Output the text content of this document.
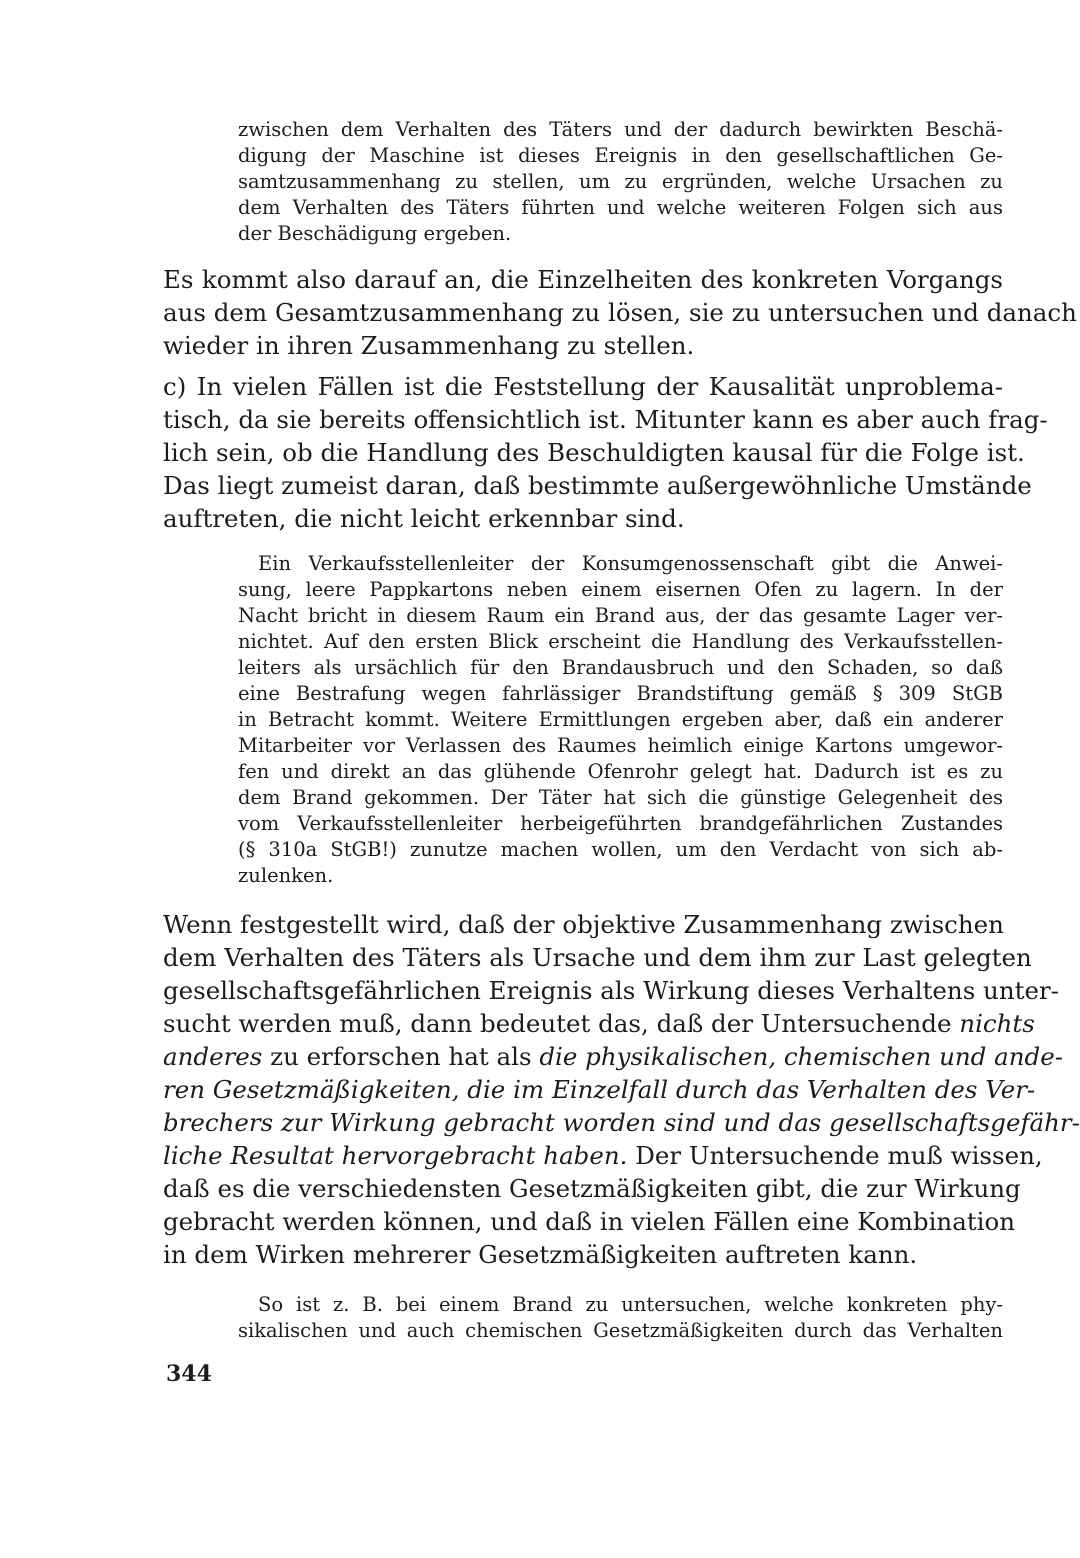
zwischen dem Verhalten des Täters und der dadurch bewirkten Beschä-
digung der Maschine ist dieses Ereignis in den gesellschaftlichen Ge-
samtzusammenhang zu stellen, um zu ergründen, welche Ursachen zu
dem Verhalten des Täters führten und welche weiteren Folgen sich aus
der Beschädigung ergeben.
Es kommt also darauf an, die Einzelheiten des konkreten Vorgangs
aus dem Gesamtzusammenhang zu lösen, sie zu untersuchen und danach
wieder in ihren Zusammenhang zu stellen.
c) In vielen Fällen ist die Feststellung der Kausalität unproblema-
tisch, da sie bereits offensichtlich ist. Mitunter kann es aber auch frag-
lich sein, ob die Handlung des Beschuldigten kausal für die Folge ist.
Das liegt zumeist daran, daß bestimmte außergewöhnliche Umstände
auftreten, die nicht leicht erkennbar sind.
Ein Verkaufsstellenleiter der Konsumgenossenschaft gibt die Anwei-
sung, leere Pappkartons neben einem eisernen Ofen zu lagern. In der
Nacht bricht in diesem Raum ein Brand aus, der das gesamte Lager ver-
nichtet. Auf den ersten Blick erscheint die Handlung des Verkaufsstellen-
leiters als ursächlich für den Brandausbruch und den Schaden, so daß
eine Bestrafung wegen fahrlässiger Brandstiftung gemäß § 309 StGB
in Betracht kommt. Weitere Ermittlungen ergeben aber, daß ein anderer
Mitarbeiter vor Verlassen des Raumes heimlich einige Kartons umgewor-
fen und direkt an das glühende Ofenrohr gelegt hat. Dadurch ist es zu
dem Brand gekommen. Der Täter hat sich die günstige Gelegenheit des
vom Verkaufsstellenleiter herbeigeführten brandgefährlichen Zustandes
(§ 310a StGB!) zunutze machen wollen, um den Verdacht von sich ab-
zulenken.
Wenn festgestellt wird, daß der objektive Zusammenhang zwischen
dem Verhalten des Täters als Ursache und dem ihm zur Last gelegten
gesellschaftsgefährlichen Ereignis als Wirkung dieses Verhaltens unter-
sucht werden muß, dann bedeutet das, daß der Untersuchende nichts
anderes zu erforschen hat als die physikalischen, chemischen und ande-
ren Gesetzmäßigkeiten, die im Einzelfall durch das Verhalten des Ver-
brechers zur Wirkung gebracht worden sind und das gesellschaftsgefähr-
liche Resultat hervorgebracht haben. Der Untersuchende muß wissen,
daß es die verschiedensten Gesetzmäßigkeiten gibt, die zur Wirkung
gebracht werden können, und daß in vielen Fällen eine Kombination
in dem Wirken mehrerer Gesetzmäßigkeiten auftreten kann.
So ist z. B. bei einem Brand zu untersuchen, welche konkreten phy-
sikalischen und auch chemischen Gesetzmäßigkeiten durch das Verhalten
344
